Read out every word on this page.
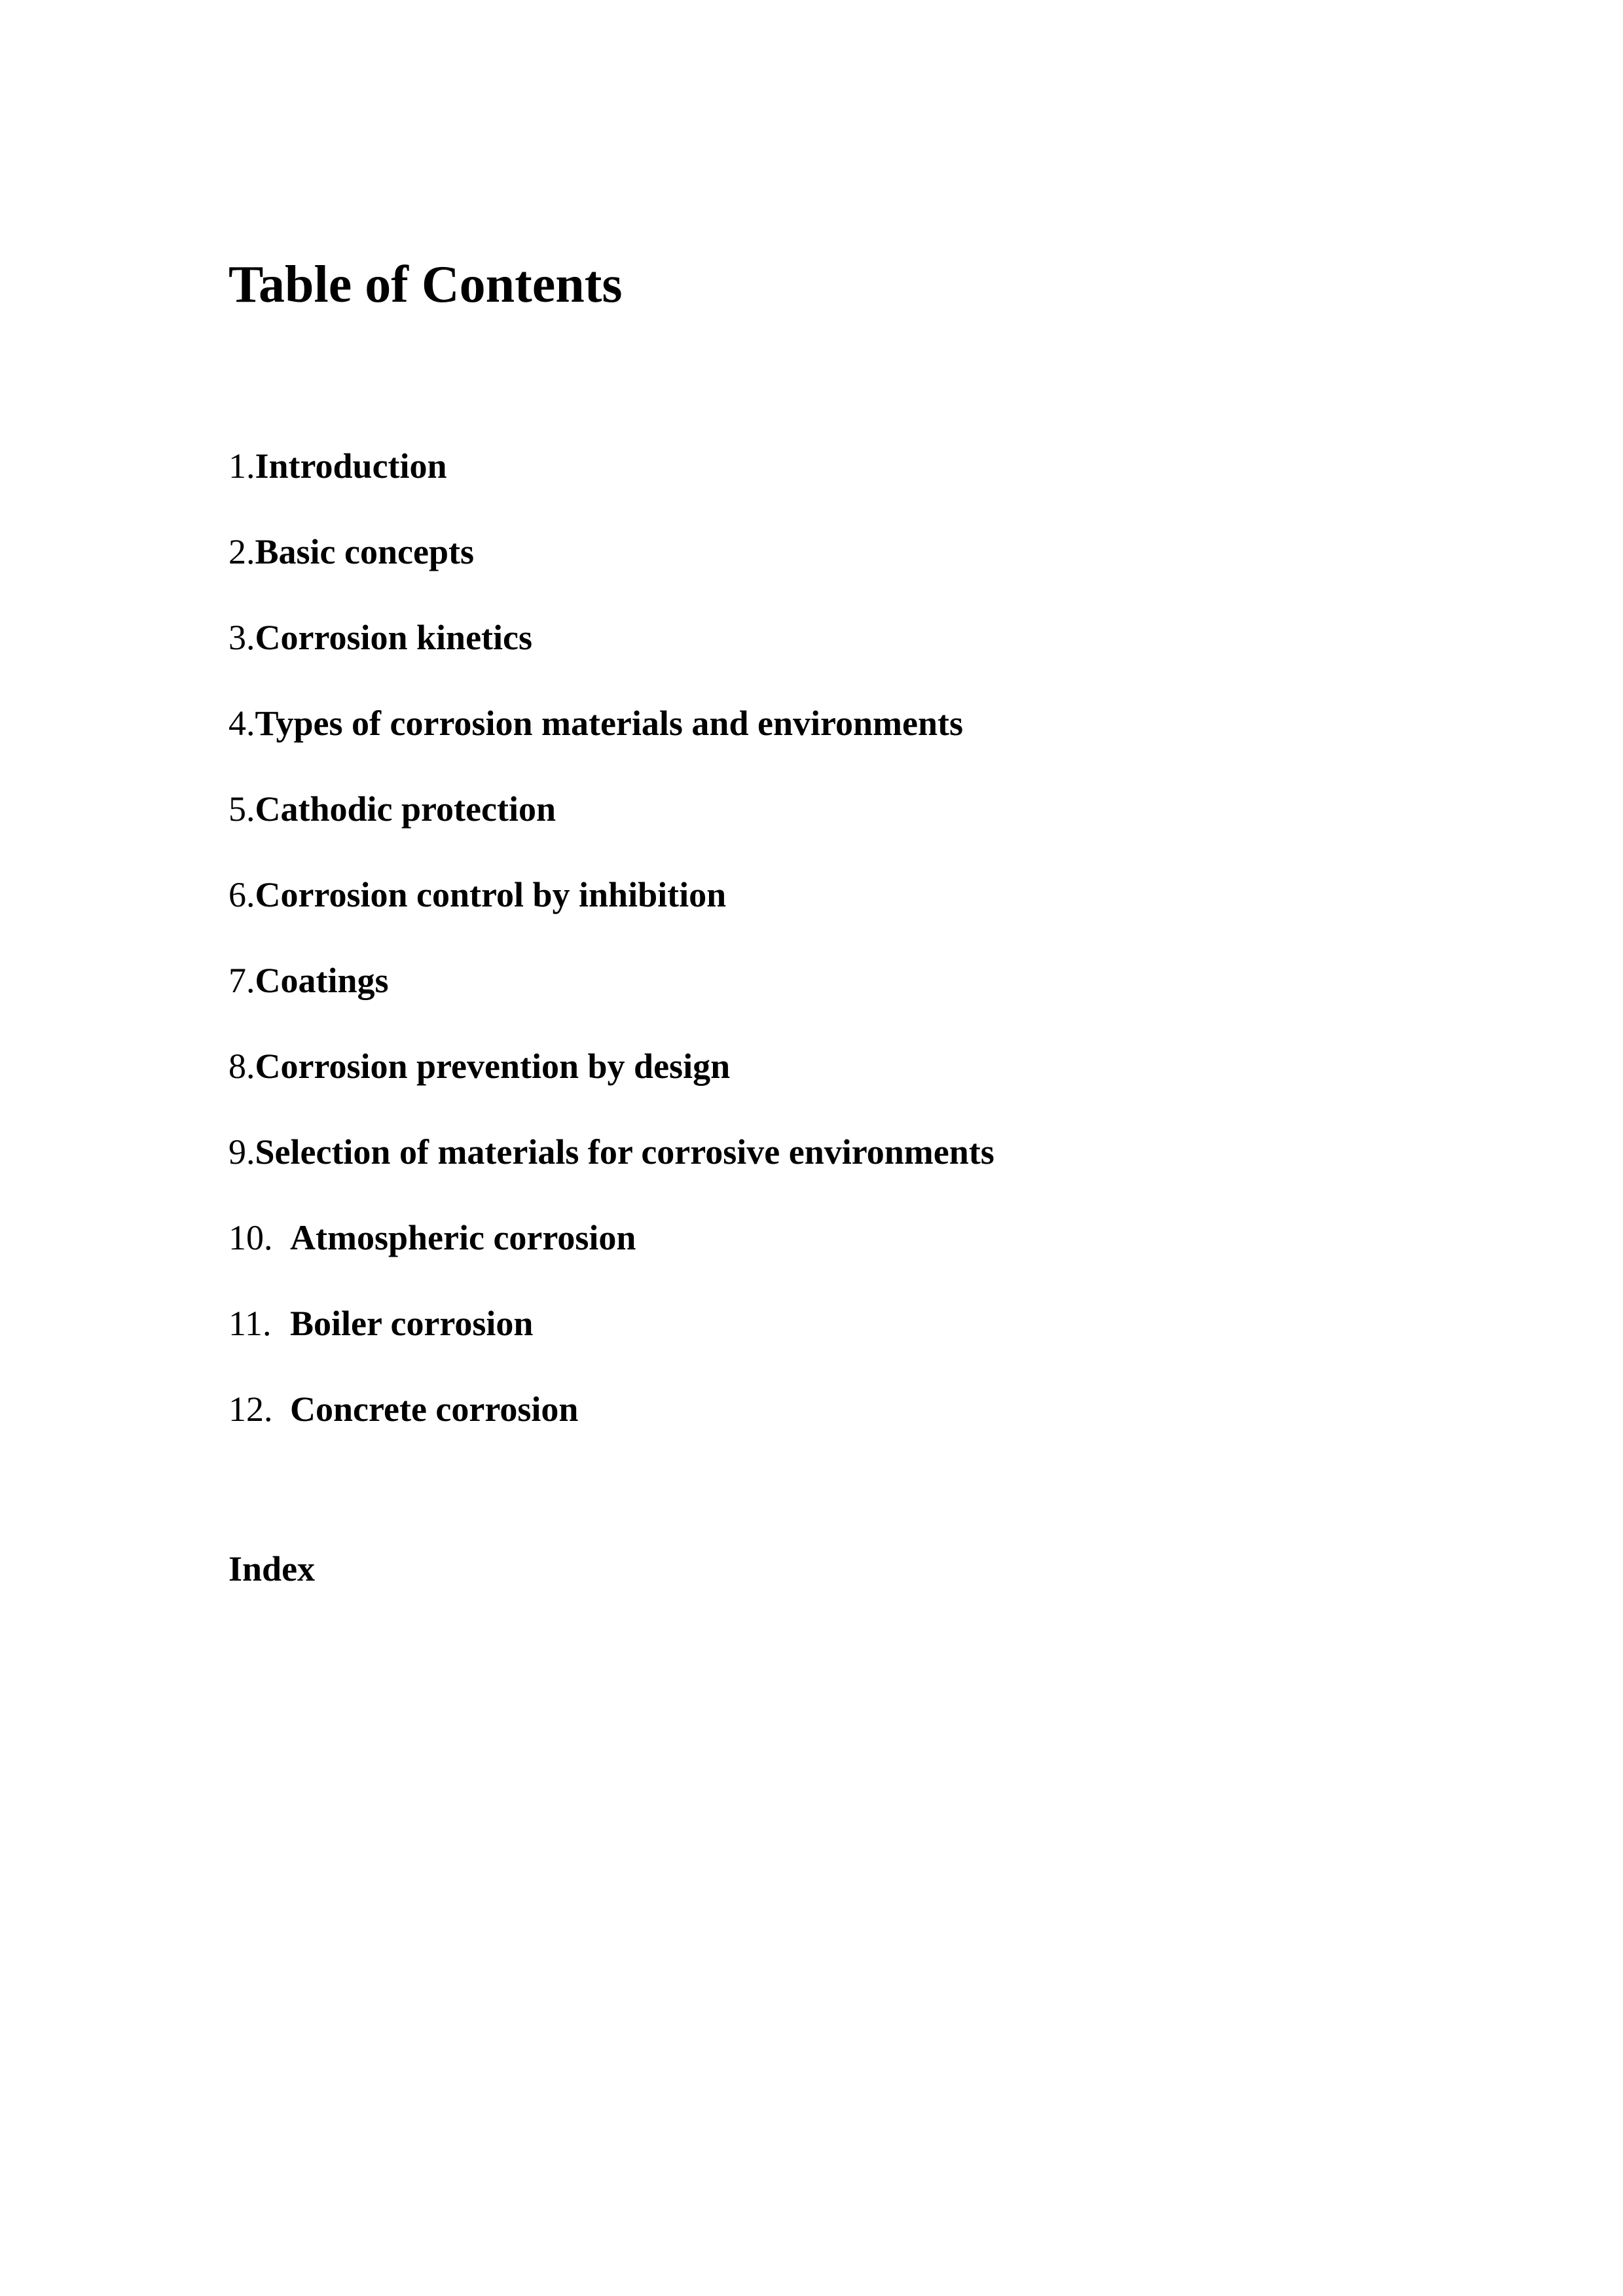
Table of Contents
1.Introduction
2.Basic concepts
3.Corrosion kinetics
4.Types of corrosion materials and environments
5.Cathodic protection
6.Corrosion control by inhibition
7.Coatings
8.Corrosion prevention by design
9.Selection of materials for corrosive environments
10. Atmospheric corrosion
11. Boiler corrosion
12. Concrete corrosion
Index
